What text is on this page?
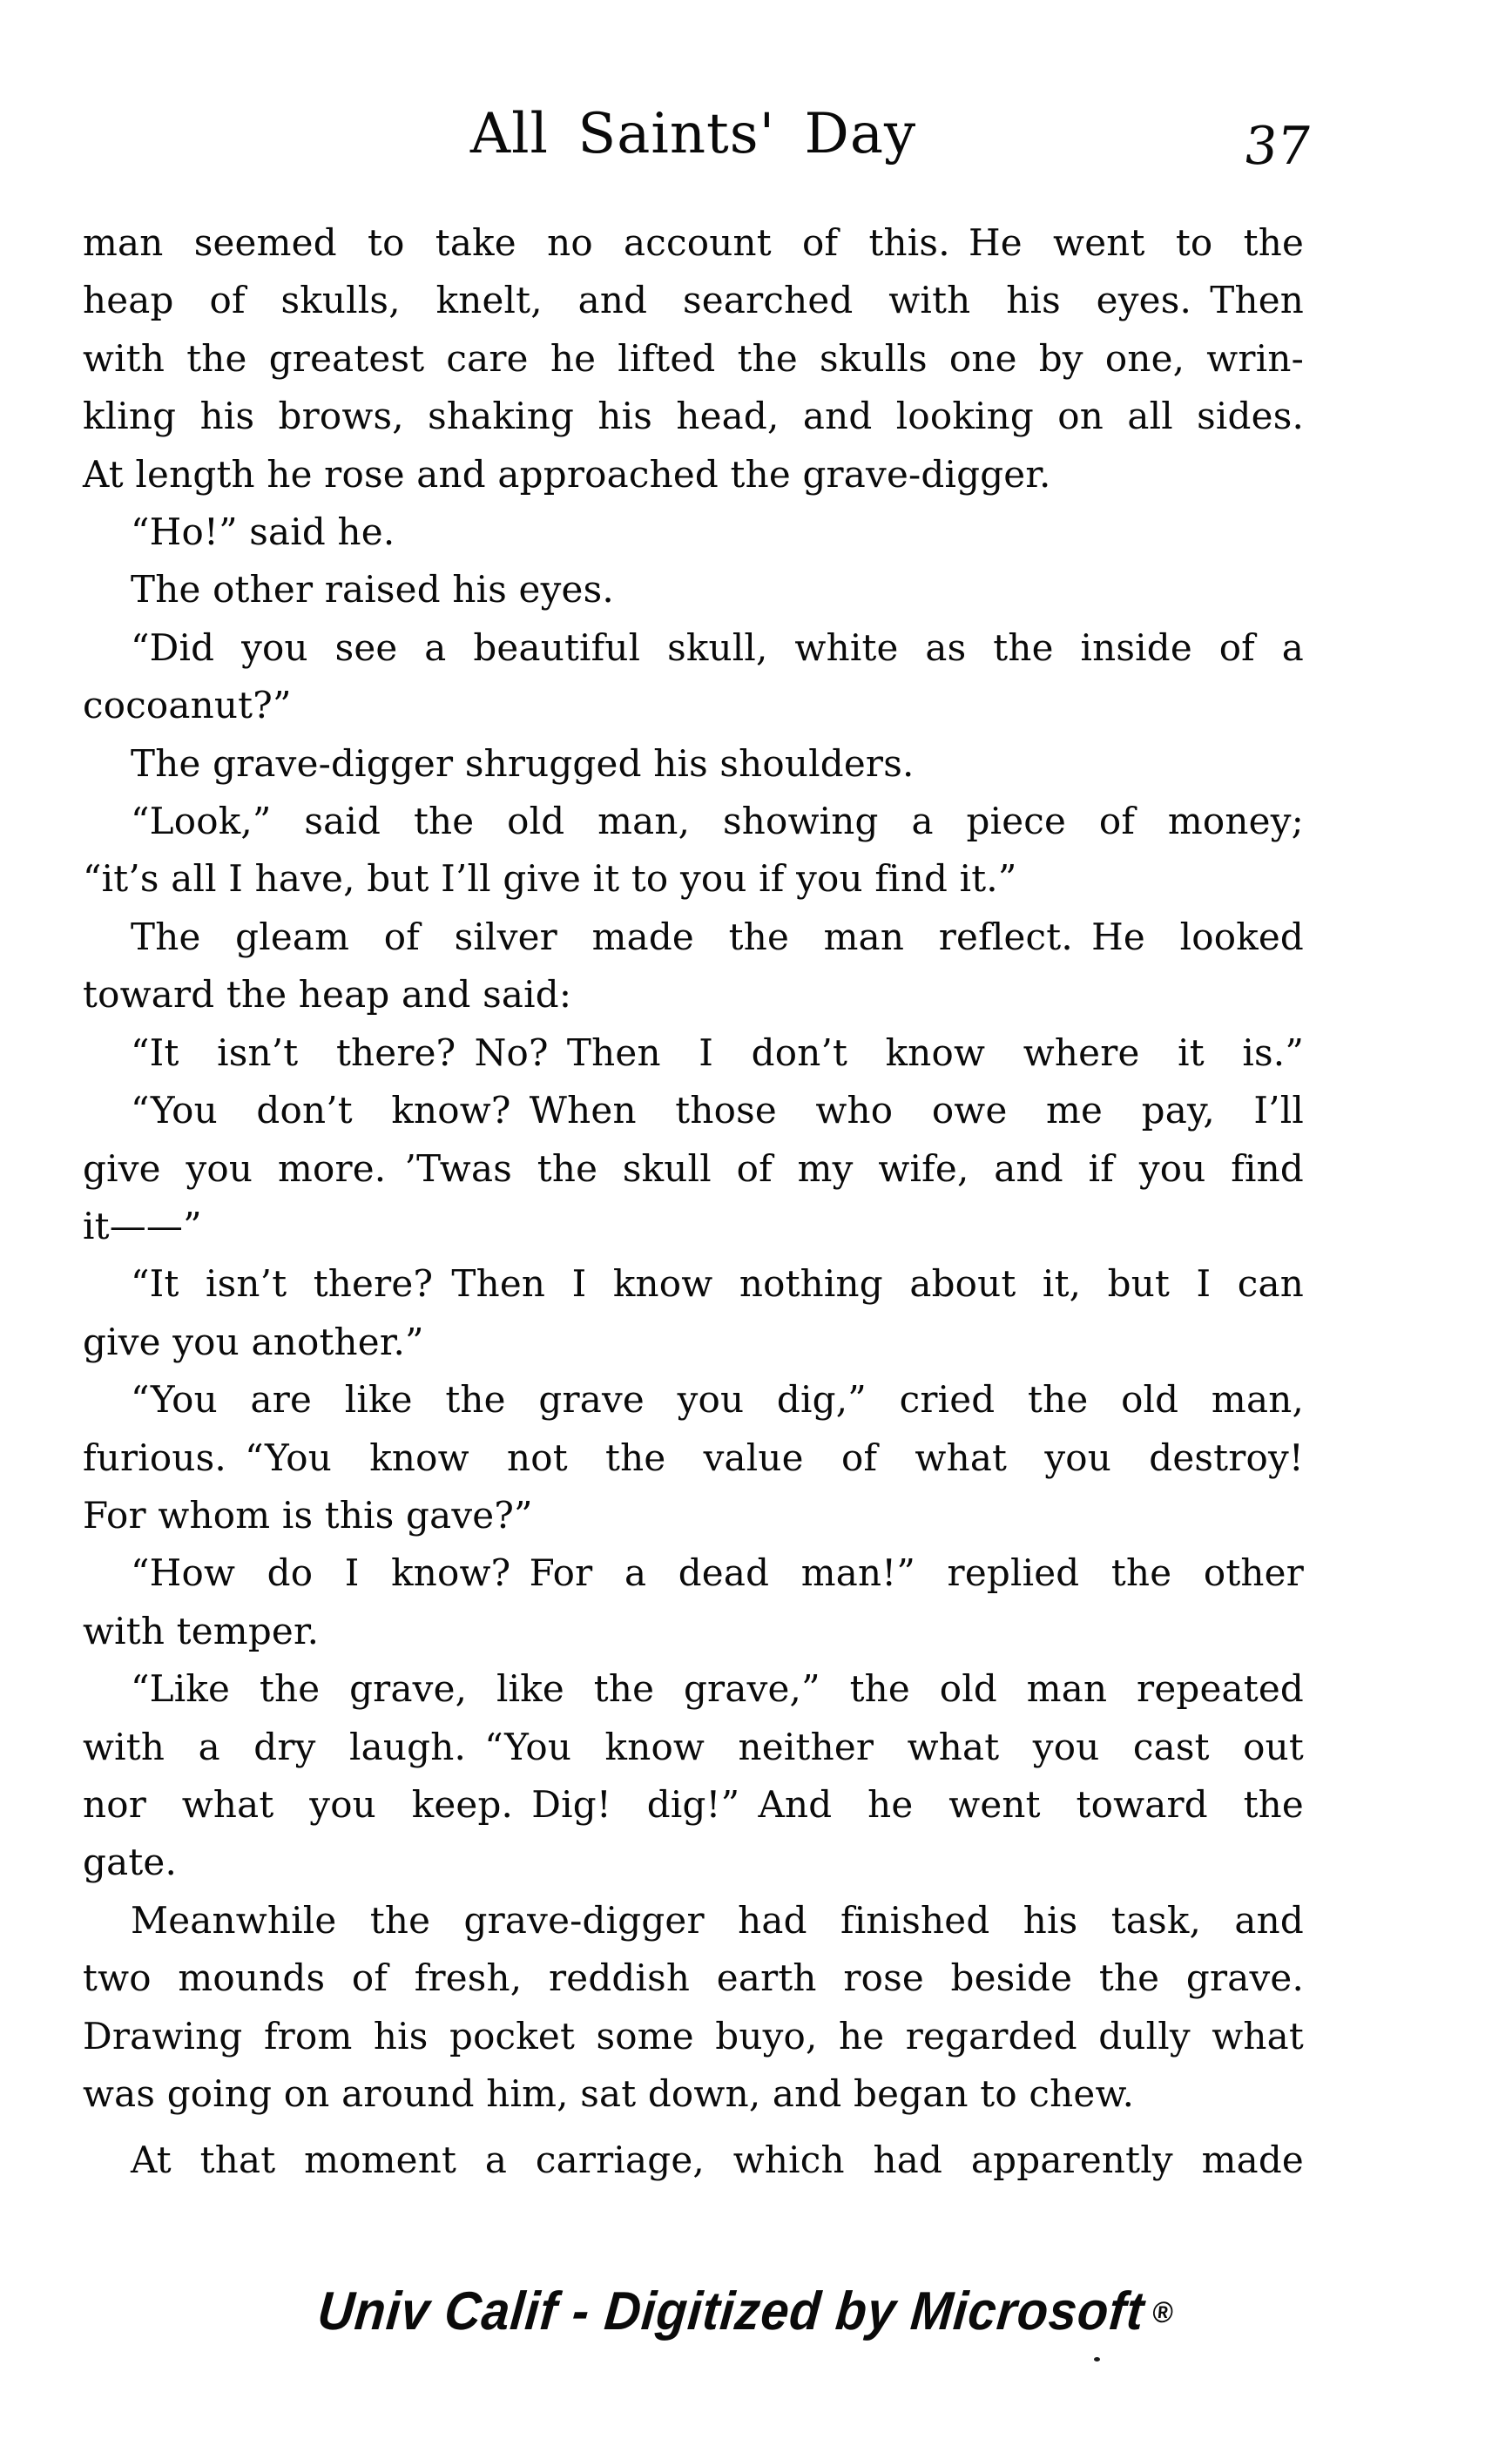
All Saints' Day	37
man seemed to take no account of this. He went to the
heap of skulls, knelt, and searched with his eyes. Then
with the greatest care he lifted the skulls one by one, wrin-
kling his brows, shaking his head, and looking on all sides.
At length he rose and approached the grave-digger.
“Ho!” said he.
The other raised his eyes.
“Did you see a beautiful skull, white as the inside of a
cocoanut?”
The grave-digger shrugged his shoulders.
“Look,” said the old man, showing a piece of money;
“it’s all I have, but I’ll give it to you if you find it.”
The gleam of silver made the man reflect. He looked
toward the heap and said:
“It isn’t there? No? Then I don’t know where it is.”
“You don’t know? When those who owe me pay, I’ll
give you more. ’Twas the skull of my wife, and if you find
it——”
“It isn’t there? Then I know nothing about it, but I can
give you another.”
“You are like the grave you dig,” cried the old man,
furious. “You know not the value of what you destroy!
For whom is this gave?”
“How do I know? For a dead man!” replied the other
with temper.
“Like the grave, like the grave,” the old man repeated
with a dry laugh. “You know neither what you cast out
nor what you keep. Dig! dig!” And he went toward the
gate.
Meanwhile the grave-digger had finished his task, and
two mounds of fresh, reddish earth rose beside the grave.
Drawing from his pocket some buyo, he regarded dully what
was going on around him, sat down, and began to chew.
At that moment a carriage, which had apparently made
Univ Calif - Digitized by Microsoft ®
